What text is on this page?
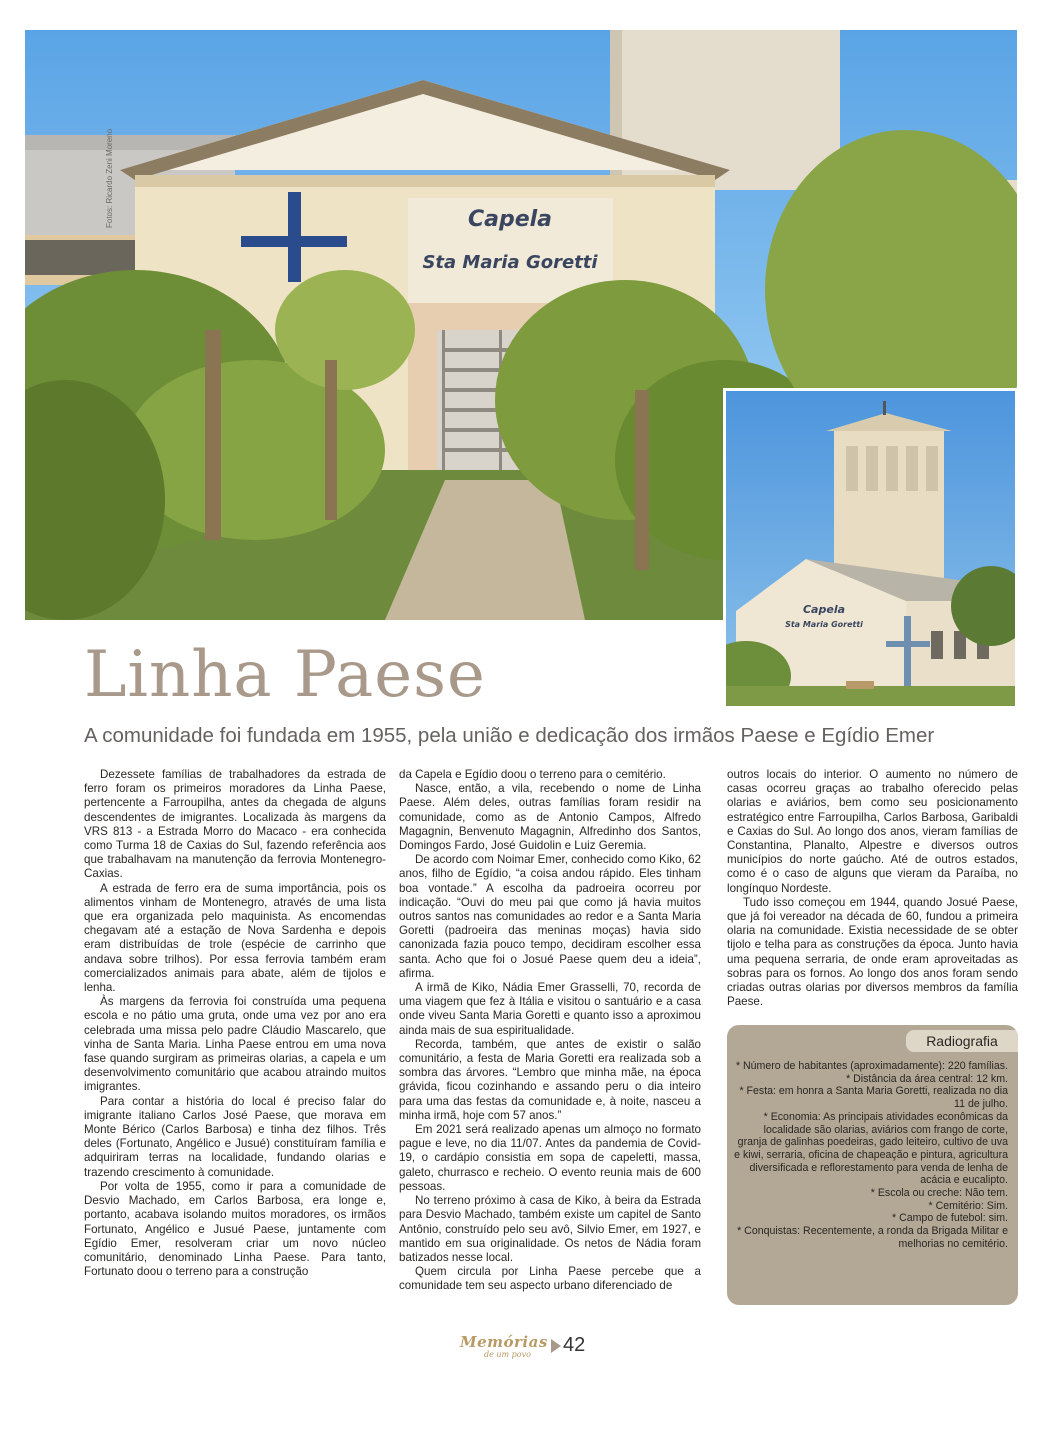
Capela
Sta Maria Goretti
Fotos: Ricardo Zeni Moreno
Capela
Sta Maria Goretti
Linha Paese
A comunidade foi fundada em 1955, pela união e dedicação dos irmãos Paese e Egídio Emer

Dezessete famílias de trabalhadores da estrada de ferro foram os primeiros moradores da Linha Paese, pertencente a Farroupilha, antes da chegada de alguns descendentes de imigrantes. Localizada às margens da VRS 813 - a Estrada Morro do Macaco - era conhecida como Turma 18 de Caxias do Sul, fazendo referência aos que trabalhavam na manutenção da ferrovia Montenegro-Caxias.

A estrada de ferro era de suma importância, pois os alimentos vinham de Montenegro, através de uma lista que era organizada pelo maquinista. As encomendas chegavam até a estação de Nova Sardenha e depois eram distribuídas de trole (espécie de carrinho que andava sobre trilhos). Por essa ferrovia também eram comercializados animais para abate, além de tijolos e lenha.

Às margens da ferrovia foi construída uma pequena escola e no pátio uma gruta, onde uma vez por ano era celebrada uma missa pelo padre Cláudio Mascarelo, que vinha de Santa Maria. Linha Paese entrou em uma nova fase quando surgiram as primeiras olarias, a capela e um desenvolvimento comunitário que acabou atraindo muitos imigrantes.

Para contar a história do local é preciso falar do imigrante italiano Carlos José Paese, que morava em Monte Bérico (Carlos Barbosa) e tinha dez filhos. Três deles (Fortunato, Angélico e Jusué) constituíram família e adquiriram terras na localidade, fundando olarias e trazendo crescimento à comunidade.

Por volta de 1955, como ir para a comunidade de Desvio Machado, em Carlos Barbosa, era longe e, portanto, acabava isolando muitos moradores, os irmãos Fortunato, Angélico e Jusué Paese, juntamente com Egídio Emer, resolveram criar um novo núcleo comunitário, denominado Linha Paese. Para tanto, Fortunato doou o terreno para a construção

da Capela e Egídio doou o terreno para o cemitério.

Nasce, então, a vila, recebendo o nome de Linha Paese. Além deles, outras famílias foram residir na comunidade, como as de Antonio Campos, Alfredo Magagnin, Benvenuto Magagnin, Alfredinho dos Santos, Domingos Fardo, José Guidolin e Luiz Geremia.

De acordo com Noimar Emer, conhecido como Kiko, 62 anos, filho de Egídio, “a coisa andou rápido. Eles tinham boa vontade.” A escolha da padroeira ocorreu por indicação. “Ouvi do meu pai que como já havia muitos outros santos nas comunidades ao redor e a Santa Maria Goretti (padroeira das meninas moças) havia sido canonizada fazia pouco tempo, decidiram escolher essa santa. Acho que foi o Josué Paese quem deu a ideia”, afirma.

A irmã de Kiko, Nádia Emer Grasselli, 70, recorda de uma viagem que fez à Itália e visitou o santuário e a casa onde viveu Santa Maria Goretti e quanto isso a aproximou ainda mais de sua espiritualidade.

Recorda, também, que antes de existir o salão comunitário, a festa de Maria Goretti era realizada sob a sombra das árvores. “Lembro que minha mãe, na época grávida, ficou cozinhando e assando peru o dia inteiro para uma das festas da comunidade e, à noite, nasceu a minha irmã, hoje com 57 anos.”

Em 2021 será realizado apenas um almoço no formato pague e leve, no dia 11/07. Antes da pandemia de Covid-19, o cardápio consistia em sopa de capeletti, massa, galeto, churrasco e recheio. O evento reunia mais de 600 pessoas.

No terreno próximo à casa de Kiko, à beira da Estrada para Desvio Machado, também existe um capitel de Santo Antônio, construído pelo seu avô, Silvio Emer, em 1927, e mantido em sua originalidade. Os netos de Nádia foram batizados nesse local.

Quem circula por Linha Paese percebe que a comunidade tem seu aspecto urbano diferenciado de

outros locais do interior. O aumento no número de casas ocorreu graças ao trabalho oferecido pelas olarias e aviários, bem como seu posicionamento estratégico entre Farroupilha, Carlos Barbosa, Garibaldi e Caxias do Sul. Ao longo dos anos, vieram famílias de Constantina, Planalto, Alpestre e diversos outros municípios do norte gaúcho. Até de outros estados, como é o caso de alguns que vieram da Paraíba, no longínquo Nordeste.

Tudo isso começou em 1944, quando Josué Paese, que já foi vereador na década de 60, fundou a primeira olaria na comunidade. Existia necessidade de se obter tijolo e telha para as construções da época. Junto havia uma pequena serraria, de onde eram aproveitadas as sobras para os fornos. Ao longo dos anos foram sendo criadas outras olarias por diversos membros da família Paese.

Radiografia

* Número de habitantes (aproximadamente): 220 famílias.

* Distância da área central: 12 km.

* Festa: em honra a Santa Maria Goretti, realizada no dia 11 de julho.

* Economia: As principais atividades econômicas da localidade são olarias, aviários com frango de corte, granja de galinhas poedeiras, gado leiteiro, cultivo de uva e kiwi, serraria, oficina de chapeação e pintura, agricultura diversificada e reflorestamento para venda de lenha de acácia e eucalipto.

* Escola ou creche: Não tem.

* Cemitério: Sim.

* Campo de futebol: sim.

* Conquistas: Recentemente, a ronda da Brigada Militar e melhorias no cemitério.

Memórias
de um povo 42
